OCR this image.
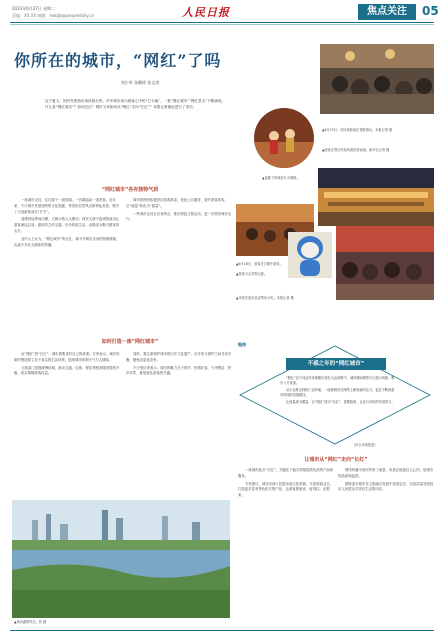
2023年6月27日 星期二
责编：XX XX 邮箱：hwbjb@peopledaily.cn	人民日报	焦点关注	05
你所在的城市，“网红”了吗
刘少华 张璐瑶 张文涛

这个夏天，国内外旅游市场持续火热，许多城市成为游客心中的“打卡地”，一批“网红城市”“网红景点”不断涌现。

什么是“网红城市”？如何走红？城市又该如何从“网红”走向“长红”？本报记者就此进行了采访。

“网红城市”各有独特气质

一座城市走红，往往源于一段视频、一首歌曲或一道美食。近年来，不少城市凭借独特的文化底蕴、秀美的自然风光和特色美食，吸引了大批游客前往“打卡”。

淄博因烧烤而出圈，大街小巷人头攒动；西安大唐不夜城的演出让游客流连忘返；重庆的立体交通、长沙的夜生活，也都成为吸引游客的名片。

业内人士认为，“网红城市”的走红，离不开城市自身的资源禀赋，也离不开社交媒体的传播。

城市管理者积极回应游客需求，优化公共服务，提升游客体验，让“流量”转化为“留量”。

一些城市还结合自身特点，推出特色文旅活动，进一步擦亮城市名片。

如何打造一座“网红城市”

从“网红”到“长红”，城市需要讲好自己的故事。专家表示，城市形象的塑造要立足于真实的生活场景，展现城市的烟火气与人情味。

文旅部门加强统筹协调，推动交通、住宿、餐饮等配套服务提档升级，切实保障游客权益。

同时，要注重保护城市的历史文化遗产，在开发与保护之间寻求平衡，避免同质化竞争。

不少受访者表示，城市的魅力在于细节，热情好客、干净整洁、秩序井然，都是留住游客的关键。

让城市从“网红”走向“长红”

一座城市能否“长红”，关键在于能否持续提供优质的产品和服务。

专家建议，城市应深入挖掘本地文化资源，丰富旅游业态，打造更多富有特色的文旅产品，让游客愿意来、留得住、还想来。

网络传播为城市带来了流量，但真正能留住人心的，是城市的品质和温度。

期待更多城市在文旅融合发展中找准定位，以高质量发展回应人民群众对美好生活的向往。

▲6月23日，市民和游客在老街游玩。本报记者 摄
▲游客在景区体验传统民俗表演。新华社记者 摄
▲夜幕下的城市灯火璀璨。
▲6月18日，游客在古镇中游览。
▲游客与吉祥物合影。
▲市民在夜市品尝特色小吃。本报记者 摄
链接
不惑之年的“网红城市”

“网红”这个词近年来频繁出现在大众视野中，城市借助网络平台展示风貌，吸引八方来客。

从小众景点到热门目的地，一座座城市在网络上焕发新的活力，也在不断探索可持续的发展路径。

让流量成为增量，让“网红”成为“长红”，需要政府、企业与市民的共同努力。

（综合本报报道）
▲城市湖景风光。张 摄
